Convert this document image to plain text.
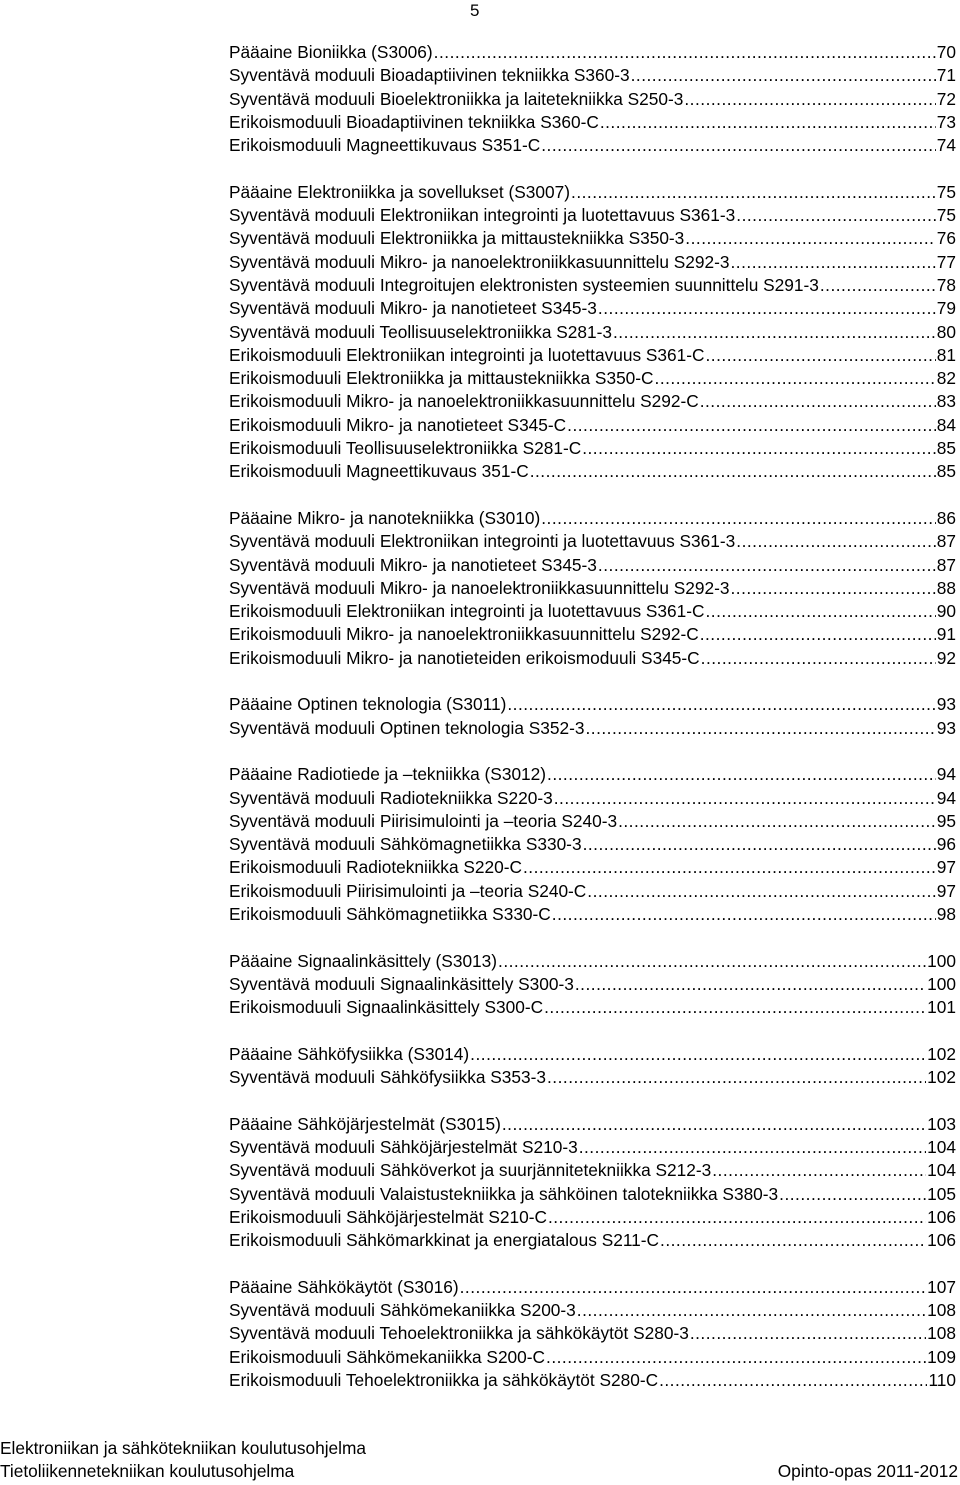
5
Pääaine Bioniikka (S3006) .....	70
Syventävä moduuli Bioadaptiivinen tekniikka S360-3 .....	71
Syventävä moduuli Bioelektroniikka ja laitetekniikka S250-3 .....	72
Erikoismoduuli Bioadaptiivinen tekniikka S360-C .....	73
Erikoismoduuli Magneettikuvaus S351-C .....	74
Pääaine Elektroniikka ja sovellukset (S3007) .....	75
Syventävä moduuli Elektroniikan integrointi ja luotettavuus S361-3 .....	75
Syventävä moduuli Elektroniikka ja mittaustekniikka S350-3 .....	76
Syventävä moduuli Mikro- ja nanoelektroniikkasuunnittelu S292-3 .....	77
Syventävä moduuli Integroitujen elektronisten systeemien suunnittelu S291-3 .....	78
Syventävä moduuli Mikro- ja nanotieteet S345-3 .....	79
Syventävä moduuli Teollisuuselektroniikka S281-3 .....	80
Erikoismoduuli Elektroniikan integrointi ja luotettavuus S361-C .....	81
Erikoismoduuli Elektroniikka ja mittaustekniikka S350-C .....	82
Erikoismoduuli Mikro- ja nanoelektroniikkasuunnittelu S292-C .....	83
Erikoismoduuli Mikro- ja nanotieteet S345-C .....	84
Erikoismoduuli Teollisuuselektroniikka S281-C .....	85
Erikoismoduuli Magneettikuvaus 351-C .....	85
Pääaine Mikro- ja nanotekniikka (S3010) .....	86
Syventävä moduuli Elektroniikan integrointi ja luotettavuus S361-3 .....	87
Syventävä moduuli Mikro- ja nanotieteet S345-3 .....	87
Syventävä moduuli Mikro- ja nanoelektroniikkasuunnittelu S292-3 .....	88
Erikoismoduuli Elektroniikan integrointi ja luotettavuus S361-C .....	90
Erikoismoduuli Mikro- ja nanoelektroniikkasuunnittelu S292-C .....	91
Erikoismoduuli Mikro- ja nanotieteiden erikoismoduuli S345-C .....	92
Pääaine Optinen teknologia (S3011) .....	93
Syventävä moduuli Optinen teknologia S352-3 .....	93
Pääaine Radiotiede ja –tekniikka (S3012) .....	94
Syventävä moduuli Radiotekniikka S220-3 .....	94
Syventävä moduuli Piirisimulointi ja –teoria S240-3 .....	95
Syventävä moduuli Sähkömagnetiikka S330-3 .....	96
Erikoismoduuli Radiotekniikka S220-C .....	97
Erikoismoduuli Piirisimulointi ja –teoria S240-C .....	97
Erikoismoduuli Sähkömagnetiikka S330-C .....	98
Pääaine Signaalinkäsittely (S3013) .....	100
Syventävä moduuli Signaalinkäsittely S300-3 .....	100
Erikoismoduuli Signaalinkäsittely S300-C .....	101
Pääaine Sähköfysiikka (S3014) .....	102
Syventävä moduuli Sähköfysiikka S353-3 .....	102
Pääaine Sähköjärjestelmät (S3015) .....	103
Syventävä moduuli Sähköjärjestelmät S210-3 .....	104
Syventävä moduuli Sähköverkot ja suurjännitetekniikka S212-3 .....	104
Syventävä moduuli Valaistustekniikka ja sähköinen talotekniikka S380-3 .....	105
Erikoismoduuli Sähköjärjestelmät S210-C .....	106
Erikoismoduuli Sähkömarkkinat ja energiatalous S211-C .....	106
Pääaine Sähkökäytöt (S3016) .....	107
Syventävä moduuli Sähkömekaniikka S200-3 .....	108
Syventävä moduuli Tehoelektroniikka ja sähkökäytöt S280-3 .....	108
Erikoismoduuli Sähkömekaniikka S200-C .....	109
Erikoismoduuli Tehoelektroniikka ja sähkökäytöt S280-C .....	110
Elektroniikan ja sähkötekniikan koulutusohjelma
Tietoliikennetekniikan koulutusohjelma	Opinto-opas 2011-2012
